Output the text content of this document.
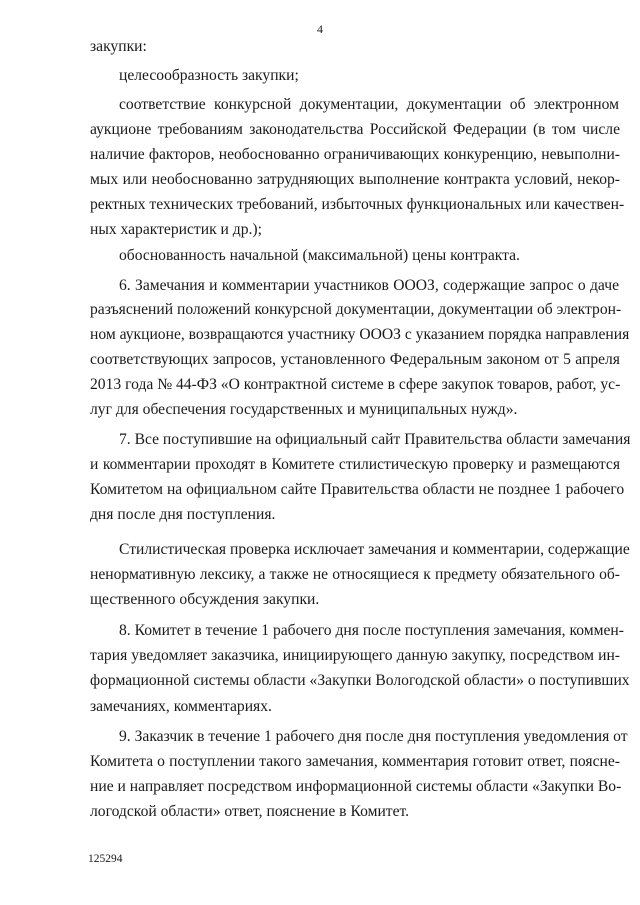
4
закупки:
целесообразность закупки;
соответствие конкурсной документации, документации об электронном
аукционе требованиям законодательства Российской Федерации (в том числе
наличие факторов, необоснованно ограничивающих конкуренцию, невыполни-
мых или необоснованно затрудняющих выполнение контракта условий, некор-
ректных технических требований, избыточных функциональных или качествен-
ных характеристик и др.);
обоснованность начальной (максимальной) цены контракта.
6. Замечания и комментарии участников ОООЗ, содержащие запрос о даче
разъяснений положений конкурсной документации, документации об электрон-
ном аукционе, возвращаются участнику ОООЗ с указанием порядка направления
соответствующих запросов, установленного Федеральным законом от 5 апреля
2013 года № 44-ФЗ «О контрактной системе в сфере закупок товаров, работ, ус-
луг для обеспечения государственных и муниципальных нужд».
7. Все поступившие на официальный сайт Правительства области замечания
и комментарии проходят в Комитете стилистическую проверку и размещаются
Комитетом на официальном сайте Правительства области не позднее 1 рабочего
дня после дня поступления.
Стилистическая проверка исключает замечания и комментарии, содержащие
ненормативную лексику, а также не относящиеся к предмету обязательного об-
щественного обсуждения закупки.
8. Комитет в течение 1 рабочего дня после поступления замечания, коммен-
тария уведомляет заказчика, инициирующего данную закупку, посредством ин-
формационной системы области «Закупки Вологодской области» о поступивших
замечаниях, комментариях.
9. Заказчик в течение 1 рабочего дня после дня поступления уведомления от
Комитета о поступлении такого замечания, комментария готовит ответ, поясне-
ние и направляет посредством информационной системы области «Закупки Во-
логодской области» ответ, пояснение в Комитет.
125294
